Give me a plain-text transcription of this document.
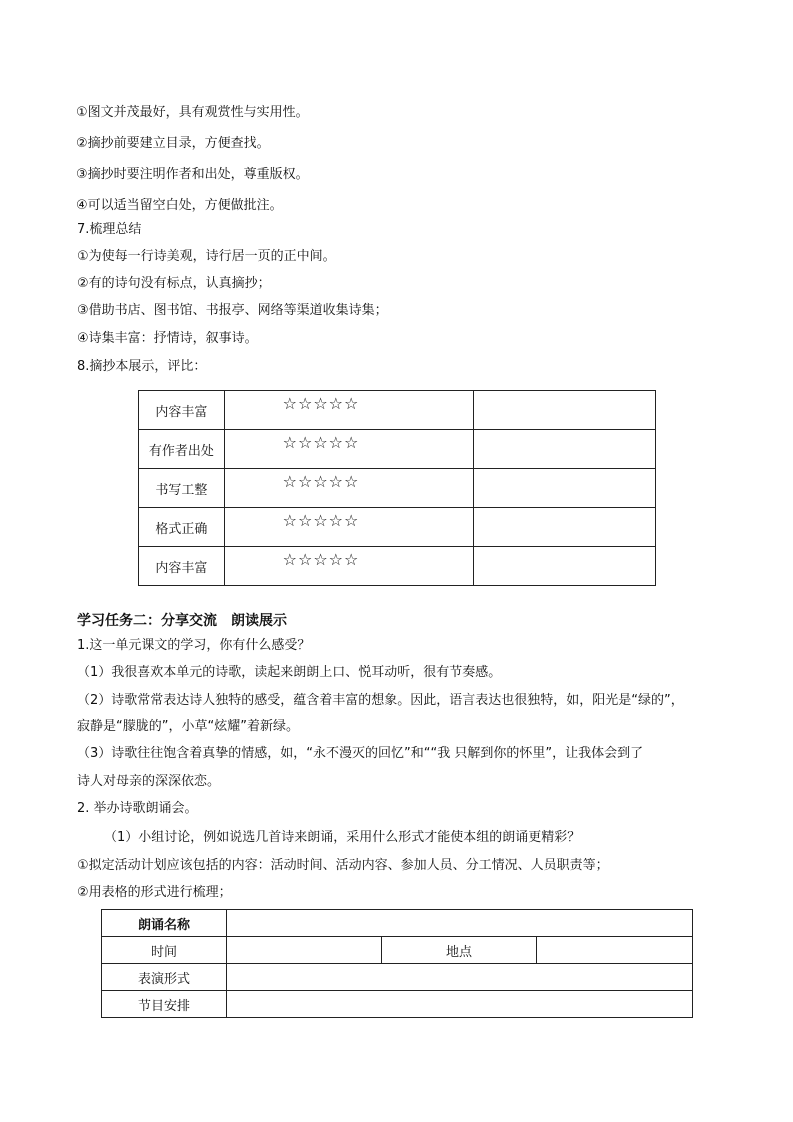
①图文并茂最好，具有观赏性与实用性。
②摘抄前要建立目录，方便查找。
③摘抄时要注明作者和出处，尊重版权。
④可以适当留空白处，方便做批注。
7.梳理总结
①为使每一行诗美观，诗行居一页的正中间。
②有的诗句没有标点，认真摘抄；
③借助书店、图书馆、书报亭、网络等渠道收集诗集；
④诗集丰富：抒情诗，叙事诗。
8.摘抄本展示，评比：
内容丰富	☆☆☆☆☆	
有作者出处	☆☆☆☆☆	
书写工整	☆☆☆☆☆	
格式正确	☆☆☆☆☆	
内容丰富	☆☆☆☆☆	
学习任务二：分享交流　朗读展示
1.这一单元课文的学习，你有什么感受？
（1）我很喜欢本单元的诗歌，读起来朗朗上口、悦耳动听，很有节奏感。
（2）诗歌常常表达诗人独特的感受，蕴含着丰富的想象。因此，语言表达也很独特，如，阳光是“绿的”，
寂静是“朦胧的”，小草“炫耀”着新绿。
（3）诗歌往往饱含着真挚的情感，如，“永不漫灭的回忆”和““我 只解到你的怀里”，让我体会到了
诗人对母亲的深深依恋。
2. 举办诗歌朗诵会。
（1）小组讨论，例如说选几首诗来朗诵，采用什么形式才能使本组的朗诵更精彩？
①拟定活动计划应该包括的内容：活动时间、活动内容、参加人员、分工情况、人员职责等；
②用表格的形式进行梳理；
朗诵名称			
时间		地点	
表演形式			
节目安排			
